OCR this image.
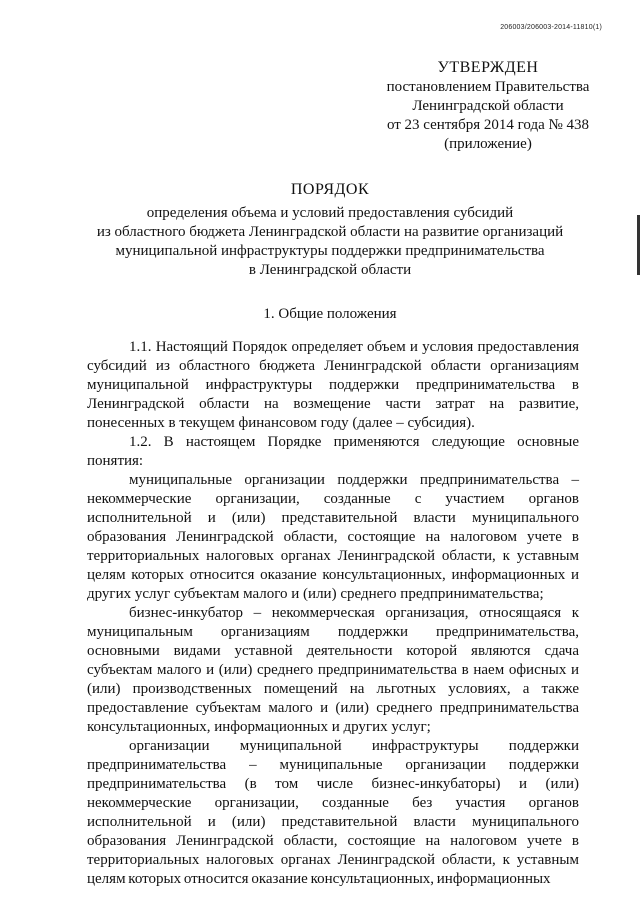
206003/206003-2014-11810(1)
УТВЕРЖДЕН
постановлением Правительства
Ленинградской области
от 23 сентября 2014 года № 438
(приложение)
ПОРЯДОК
определения объема и условий предоставления субсидий
из областного бюджета Ленинградской области на развитие организаций
муниципальной инфраструктуры поддержки предпринимательства
в Ленинградской области
1. Общие положения

1.1. Настоящий Порядок определяет объем и условия предоставления субсидий из областного бюджета Ленинградской области организациям муниципальной инфраструктуры поддержки предпринимательства в Ленинградской области на возмещение части затрат на развитие, понесенных в текущем финансовом году (далее – субсидия).

1.2. В настоящем Порядке применяются следующие основные понятия:

муниципальные организации поддержки предпринимательства – некоммерческие организации, созданные с участием органов исполнительной и (или) представительной власти муниципального образования Ленинградской области, состоящие на налоговом учете в территориальных налоговых органах Ленинградской области, к уставным целям которых относится оказание консультационных, информационных и других услуг субъектам малого и (или) среднего предпринимательства;

бизнес-инкубатор – некоммерческая организация, относящаяся к муниципальным организациям поддержки предпринимательства, основными видами уставной деятельности которой являются сдача субъектам малого и (или) среднего предпринимательства в наем офисных и (или) производственных помещений на льготных условиях, а также предоставление субъектам малого и (или) среднего предпринимательства консультационных, информационных и других услуг;

организации муниципальной инфраструктуры поддержки предпринимательства – муниципальные организации поддержки предпринимательства (в том числе бизнес-инкубаторы) и (или) некоммерческие организации, созданные без участия органов исполнительной и (или) представительной власти муниципального образования Ленинградской области, состоящие на налоговом учете в территориальных налоговых органах Ленинградской области, к уставным целям которых относится оказание консультационных, информационных
